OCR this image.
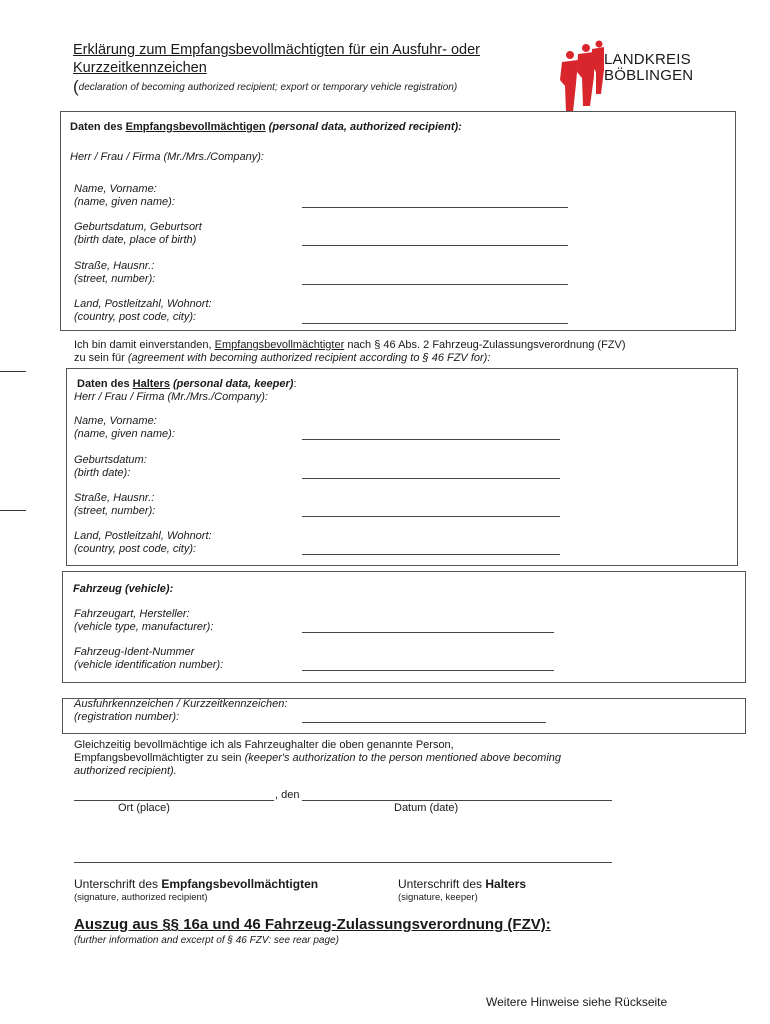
Erklärung zum Empfangsbevollmächtigten für ein Ausfuhr- oder
Kurzzeitkennzeichen
(declaration of becoming authorized recipient; export or temporary vehicle registration)
LANDKREIS
BÖBLINGEN
Daten des Empfangsbevollmächtigen (personal data, authorized recipient):
Herr / Frau / Firma (Mr./Mrs./Company):
Name, Vorname:
(name, given name):
Geburtsdatum, Geburtsort
(birth date, place of birth)
Straße, Hausnr.:
(street, number):
Land, Postleitzahl, Wohnort:
(country, post code, city):
Ich bin damit einverstanden, Empfangsbevollmächtigter nach § 46 Abs. 2 Fahrzeug-Zulassungsverordnung (FZV)
zu sein für (agreement with becoming authorized recipient according to § 46 FZV for):
Daten des Halters (personal data, keeper):
Herr / Frau / Firma (Mr./Mrs./Company):
Name, Vorname:
(name, given name):
Geburtsdatum:
(birth date):
Straße, Hausnr.:
(street, number):
Land, Postleitzahl, Wohnort:
(country, post code, city):
Fahrzeug (vehicle):
Fahrzeugart, Hersteller:
(vehicle type, manufacturer):
Fahrzeug-Ident-Nummer
(vehicle identification number):
Ausfuhrkennzeichen / Kurzzeitkennzeichen:
(registration number):
Gleichzeitig bevollmächtige ich als Fahrzeughalter die oben genannte Person,
Empfangsbevollmächtigter zu sein (keeper's authorization to the person mentioned above becoming
authorized recipient).
, den
Ort (place)	Datum (date)
Unterschrift des Empfangsbevollmächtigten
(signature, authorized recipient)
Unterschrift des Halters
(signature, keeper)
Auszug aus §§ 16a und 46 Fahrzeug-Zulassungsverordnung (FZV):
(further information and excerpt of § 46 FZV: see rear page)
Weitere Hinweise siehe Rückseite
